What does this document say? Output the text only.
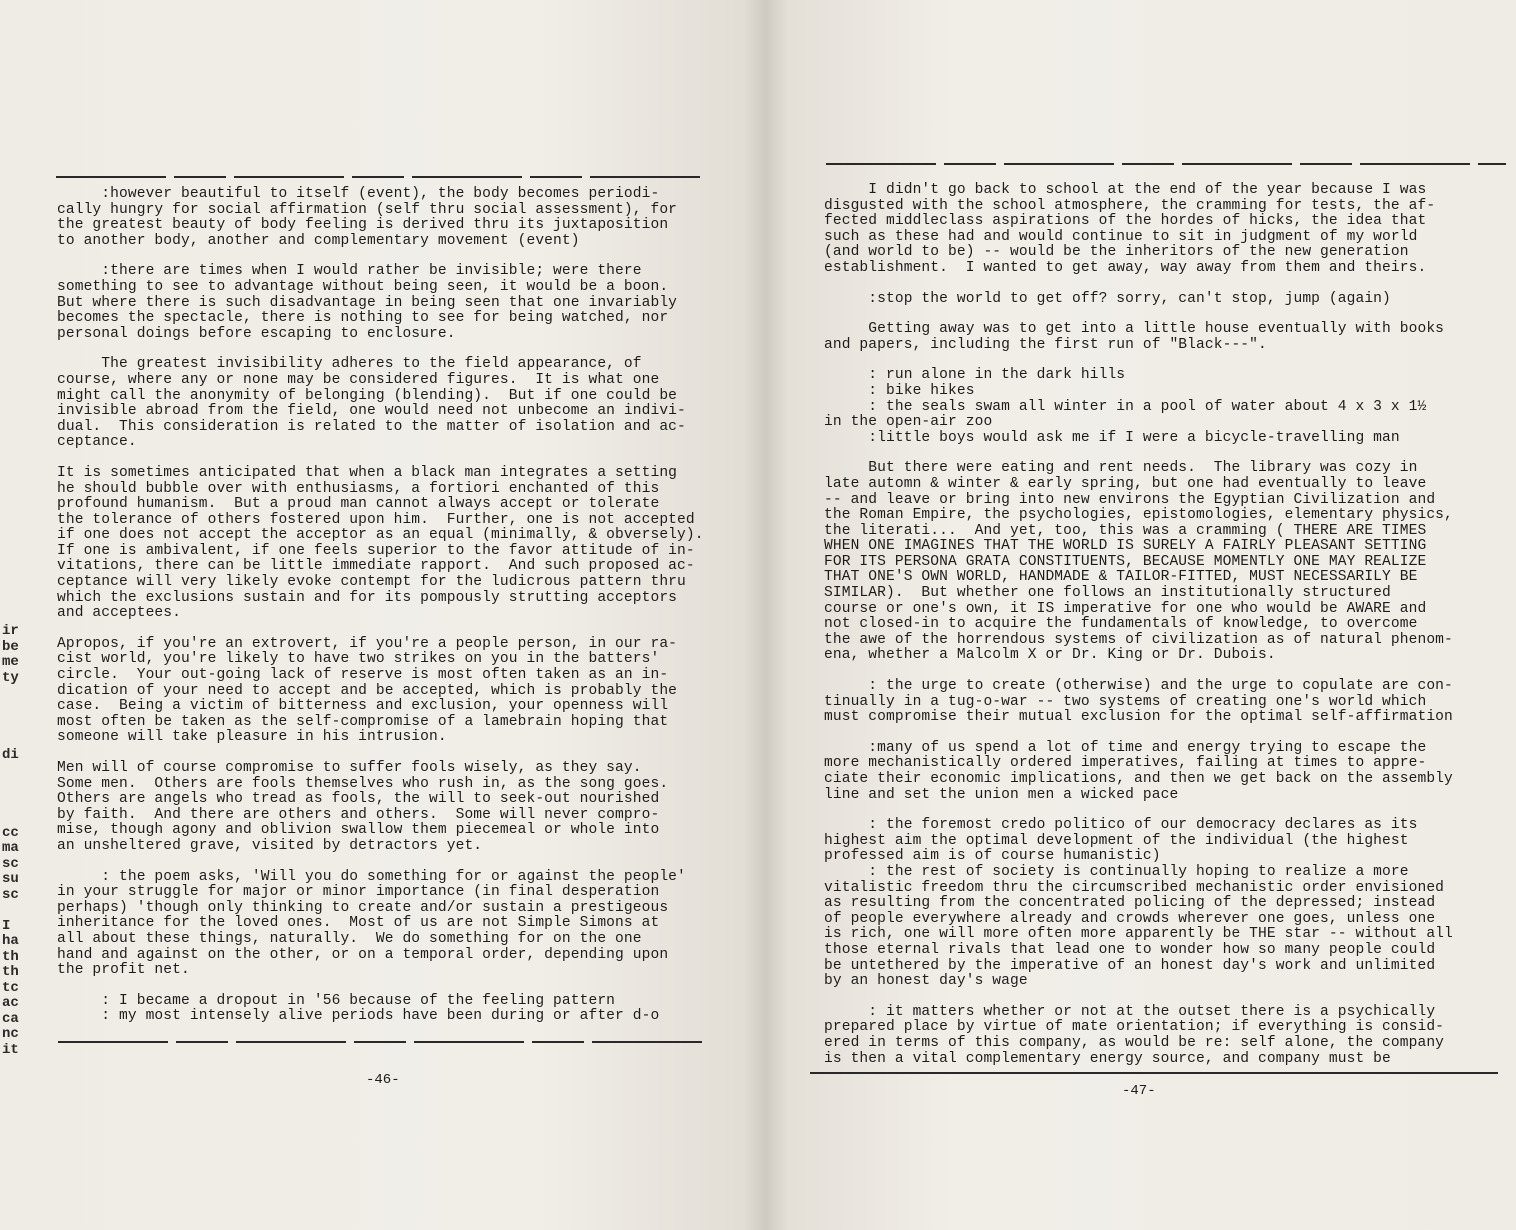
:however beautiful to itself (event), the body becomes periodi-
cally hungry for social affirmation (self thru social assessment), for
the greatest beauty of body feeling is derived thru its juxtaposition
to another body, another and complementary movement (event)
:there are times when I would rather be invisible; were there
something to see to advantage without being seen, it would be a boon.
But where there is such disadvantage in being seen that one invariably
becomes the spectacle, there is nothing to see for being watched, nor
personal doings before escaping to enclosure.
The greatest invisibility adheres to the field appearance, of
course, where any or none may be considered figures.  It is what one
might call the anonymity of belonging (blending).  But if one could be
invisible abroad from the field, one would need not unbecome an indivi-
dual.  This consideration is related to the matter of isolation and ac-
ceptance.
It is sometimes anticipated that when a black man integrates a setting
he should bubble over with enthusiasms, a fortiori enchanted of this
profound humanism.  But a proud man cannot always accept or tolerate
the tolerance of others fostered upon him.  Further, one is not accepted
if one does not accept the acceptor as an equal (minimally, & obversely).
If one is ambivalent, if one feels superior to the favor attitude of in-
vitations, there can be little immediate rapport.  And such proposed ac-
ceptance will very likely evoke contempt for the ludicrous pattern thru
which the exclusions sustain and for its pompously strutting acceptors
and acceptees.
Apropos, if you're an extrovert, if you're a people person, in our ra-
cist world, you're likely to have two strikes on you in the batters'
circle.  Your out-going lack of reserve is most often taken as an in-
dication of your need to accept and be accepted, which is probably the
case.  Being a victim of bitterness and exclusion, your openness will
most often be taken as the self-compromise of a lamebrain hoping that
someone will take pleasure in his intrusion.
Men will of course compromise to suffer fools wisely, as they say.
Some men.  Others are fools themselves who rush in, as the song goes.
Others are angels who tread as fools, the will to seek-out nourished
by faith.  And there are others and others.  Some will never compro-
mise, though agony and oblivion swallow them piecemeal or whole into
an unsheltered grave, visited by detractors yet.
: the poem asks, 'Will you do something for or against the people'
in your struggle for major or minor importance (in final desperation
perhaps) 'though only thinking to create and/or sustain a prestigeous
inheritance for the loved ones.  Most of us are not Simple Simons at
all about these things, naturally.  We do something for on the one
hand and against on the other, or on a temporal order, depending upon
the profit net.
: I became a dropout in '56 because of the feeling pattern
: my most intensely alive periods have been during or after d-o
-46-
ir
be
me
ty

di

cc
ma
sc
su
sc

I
ha
th
th
tc
ac
ca
nc
it
I didn't go back to school at the end of the year because I was
disgusted with the school atmosphere, the cramming for tests, the af-
fected middleclass aspirations of the hordes of hicks, the idea that
such as these had and would continue to sit in judgment of my world
(and world to be) -- would be the inheritors of the new generation
establishment.  I wanted to get away, way away from them and theirs.
:stop the world to get off? sorry, can't stop, jump (again)
Getting away was to get into a little house eventually with books
and papers, including the first run of "Black---".
: run alone in the dark hills
: bike hikes
: the seals swam all winter in a pool of water about 4 x 3 x 1½
in the open-air zoo
:little boys would ask me if I were a bicycle-travelling man
But there were eating and rent needs.  The library was cozy in
late automn & winter & early spring, but one had eventually to leave
-- and leave or bring into new environs the Egyptian Civilization and
the Roman Empire, the psychologies, epistomologies, elementary physics,
the literati...  And yet, too, this was a cramming ( THERE ARE TIMES
WHEN ONE IMAGINES THAT THE WORLD IS SURELY A FAIRLY PLEASANT SETTING
FOR ITS PERSONA GRATA CONSTITUENTS, BECAUSE MOMENTLY ONE MAY REALIZE
THAT ONE'S OWN WORLD, HANDMADE & TAILOR-FITTED, MUST NECESSARILY BE
SIMILAR).  But whether one follows an institutionally structured
course or one's own, it IS imperative for one who would be AWARE and
not closed-in to acquire the fundamentals of knowledge, to overcome
the awe of the horrendous systems of civilization as of natural phenom-
ena, whether a Malcolm X or Dr. King or Dr. Dubois.
: the urge to create (otherwise) and the urge to copulate are con-
tinually in a tug-o-war -- two systems of creating one's world which
must compromise their mutual exclusion for the optimal self-affirmation
:many of us spend a lot of time and energy trying to escape the
more mechanistically ordered imperatives, failing at times to appre-
ciate their economic implications, and then we get back on the assembly
line and set the union men a wicked pace
: the foremost credo politico of our democracy declares as its
highest aim the optimal development of the individual (the highest
professed aim is of course humanistic)
: the rest of society is continually hoping to realize a more
vitalistic freedom thru the circumscribed mechanistic order envisioned
as resulting from the concentrated policing of the depressed; instead
of people everywhere already and crowds wherever one goes, unless one
is rich, one will more often more apparently be THE star -- without all
those eternal rivals that lead one to wonder how so many people could
be untethered by the imperative of an honest day's work and unlimited
by an honest day's wage
: it matters whether or not at the outset there is a psychically
prepared place by virtue of mate orientation; if everything is consid-
ered in terms of this company, as would be re: self alone, the company
is then a vital complementary energy source, and company must be
-47-
